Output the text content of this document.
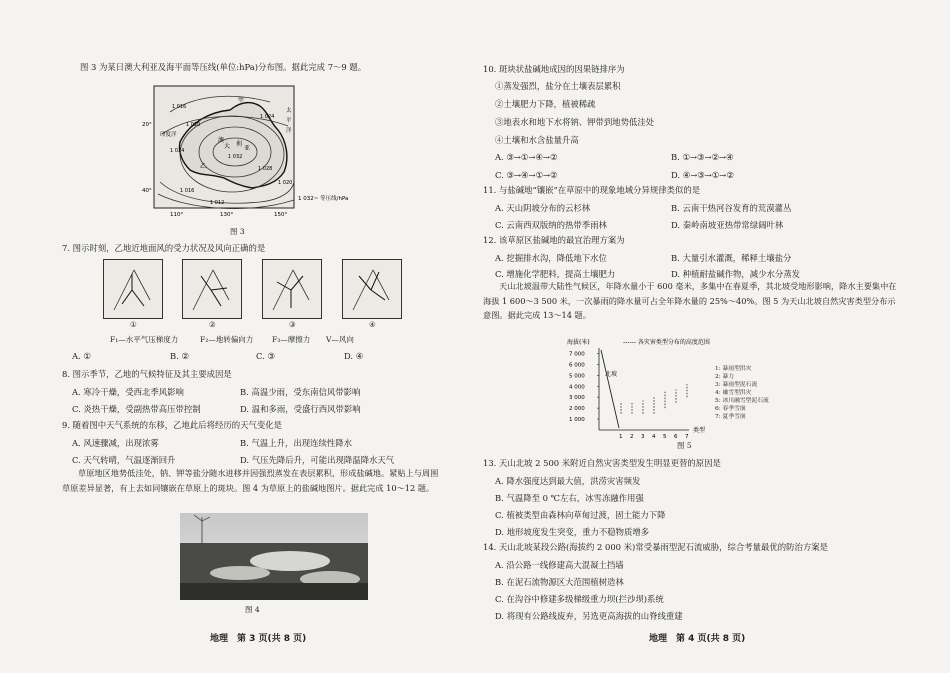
图 3 为某日澳大利亚及海平面等压线(单位:hPa)分布图。据此完成 7～9 题。
1 016
1 020
1 024
甲
乙
澳
大 利
亚
1 032
1 028
1 024
1 020
1 016
1 012
印度洋
太
平
洋
20°
40°
110°	130°	150°
1 032~ 等压线/hPa
图 3
7. 图示时刻，乙地近地面风的受力状况及风向正确的是
①	②	③	④
F₁—水平气压梯度力	F₂—地转偏向力	F₃—摩擦力 V—风向
A. ①	B. ②	C. ③	D. ④
8. 图示季节，乙地的气候特征及其主要成因是
A. 寒冷干燥，受西北季风影响	B. 高温少雨，受东南信风带影响
C. 炎热干燥，受副热带高压带控制	D. 温和多雨，受盛行西风带影响
9. 随着图中天气系统的东移，乙地此后将经历的天气变化是
A. 风速骤减，出现浓雾	B. 气温上升，出现连续性降水
C. 天气转晴，气温逐渐回升	D. 气压先降后升，可能出现降温降水天气
草原地区地势低洼处，钠、钾等盐分随水进移并因强烈蒸发在表层累积，形成盐碱地。紧贴上与周围草原差异显著，有上去如同镶嵌在草原上的斑块。图 4 为草原上的盐碱地图片。据此完成 10～12 题。
图 4
地理　第 3 页(共 8 页)
10. 斑块状盐碱地成因的因果链排序为
①蒸发强烈，盐分在土壤表层累积
②土壤肥力下降，植被稀疏
③地表水和地下水将钠、钾带到地势低洼处
④土壤和水含盐量升高
A. ③→①→④→②	B. ①→③→②→④
C. ③→④→①→②	D. ④→③→①→②
11. 与盐碱地“镶嵌”在草原中的现象地域分异规律类似的是
A. 天山阴坡分布的云杉林	B. 云南干热河谷发育的荒漠灌丛
C. 云南西双版纳的热带季雨林	D. 秦岭南坡亚热带常绿阔叶林
12. 该草原区盐碱地的最宜治理方案为
A. 挖掘排水沟，降低地下水位	B. 大量引水灌溉，稀释土壤盐分
C. 增施化学肥料，提高土壤肥力	D. 种植耐盐碱作物，减少水分蒸发
天山北坡温带大陆性气候区，年降水量小于 600 毫米，多集中在春夏季，其北坡受地形影响，降水主要集中在海拔 1 600～3 500 米，一次暴雨的降水量可占全年降水量的 25%～40%。图 5 为天山北坡自然灾害类型分布示意图。据此完成 13～14 题。
海拔(米)	------ 各灾害类型分布的高度范围
北坡
类型
7 000
6 000
5 000
4 000
3 000
2 000
1 000
1 2 3 4 5 6 7
1: 暴雨型洪灾
2: 暴力
3: 暴雨型泥石流
4: 融雪型洪灾
5: 冰川融雪型泥石流
6: 春季雪崩
7: 夏季雪崩
图 5
13. 天山北坡 2 500 米附近自然灾害类型发生明显更替的原因是
A. 降水强度达到最大值，洪涝灾害频发
B. 气温降至 0 ℃左右，冰雪冻融作用强
C. 植被类型由森林向草甸过渡，固土能力下降
D. 地形坡度发生突变，重力不稳物质增多
14. 天山北坡某段公路(海拔约 2 000 米)常受暴雨型泥石流威胁，综合考量最优的防治方案是
A. 沿公路一线修建高大混凝土挡墙
B. 在泥石流物源区大范围植树造林
C. 在沟谷中修建多级梯级重力坝(拦沙坝)系统
D. 将现有公路线废弃，另选更高海拔的山脊线重建
地理　第 4 页(共 8 页)
